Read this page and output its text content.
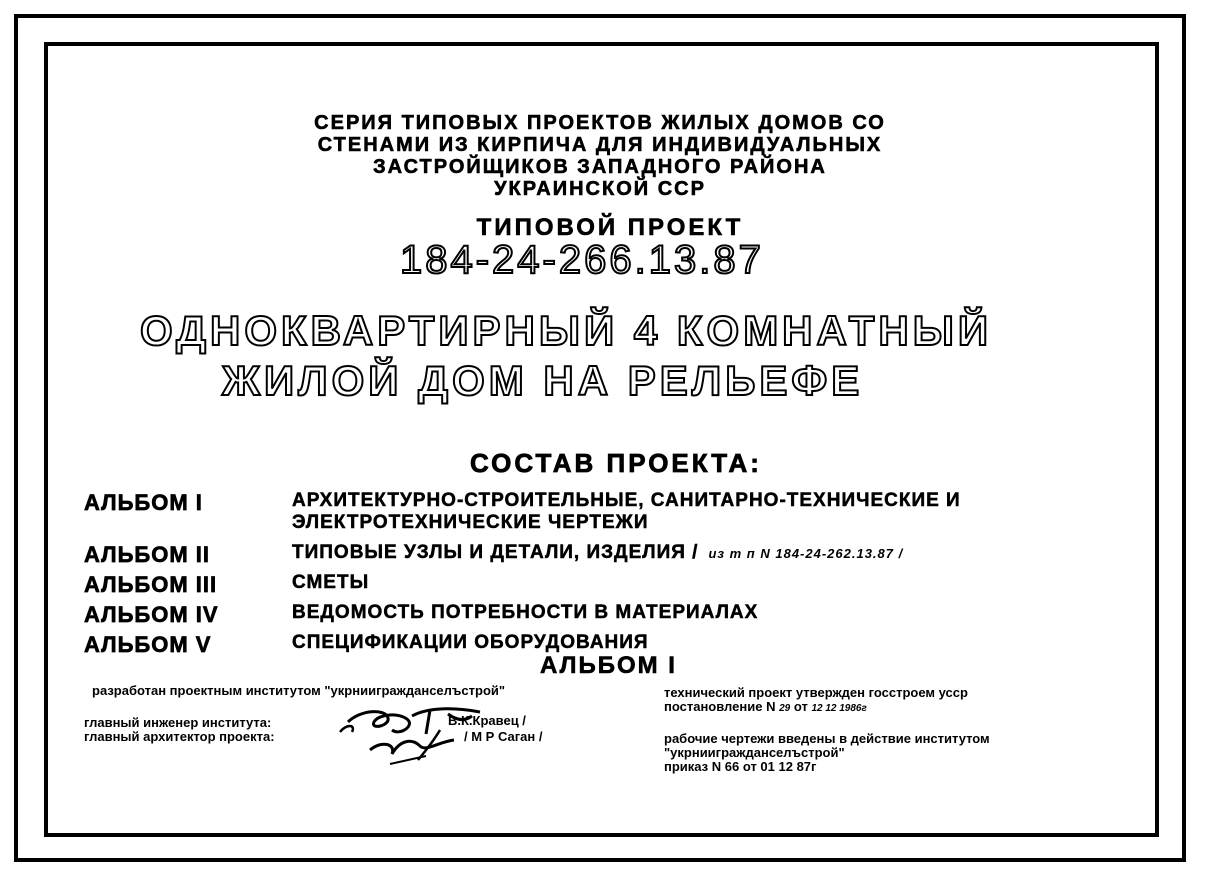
СЕРИЯ ТИПОВЫХ ПРОЕКТОВ ЖИЛЫХ ДОМОВ СО
СТЕНАМИ ИЗ КИРПИЧА ДЛЯ ИНДИВИДУАЛЬНЫХ
ЗАСТРОЙЩИКОВ ЗАПАДНОГО РАЙОНА
УКРАИНСКОЙ ССР
ТИПОВОЙ ПРОЕКТ
184-24-266.13.87
ОДНОКВАРТИРНЫЙ 4 КОМНАТНЫЙ
ЖИЛОЙ ДОМ НА РЕЛЬЕФЕ
СОСТАВ ПРОЕКТА:
АЛЬБОМ I	АРХИТЕКТУРНО-СТРОИТЕЛЬНЫЕ, САНИТАРНО-ТЕХНИЧЕСКИЕ И ЭЛЕКТРОТЕХНИЧЕСКИЕ ЧЕРТЕЖИ
АЛЬБОМ II	ТИПОВЫЕ УЗЛЫ И ДЕТАЛИ, ИЗДЕЛИЯ / из т п N 184-24-262.13.87 /
АЛЬБОМ III	СМЕТЫ
АЛЬБОМ IV	ВЕДОМОСТЬ ПОТРЕБНОСТИ В МАТЕРИАЛАХ
АЛЬБОМ V	СПЕЦИФИКАЦИИ ОБОРУДОВАНИЯ
АЛЬБОМ I
разработан проектным институтом "укрниигражданселъстрой"
главный инженер института:
главный архитектор проекта:
В.К.Кравец /
/ М Р Саган /
технический проект утвержден госстроем усср
постановление N 29 от 12 12 1986г
рабочие чертежи введены в действие институтом
"укрниигражданселъстрой"
приказ N 66 от 01 12 87г
